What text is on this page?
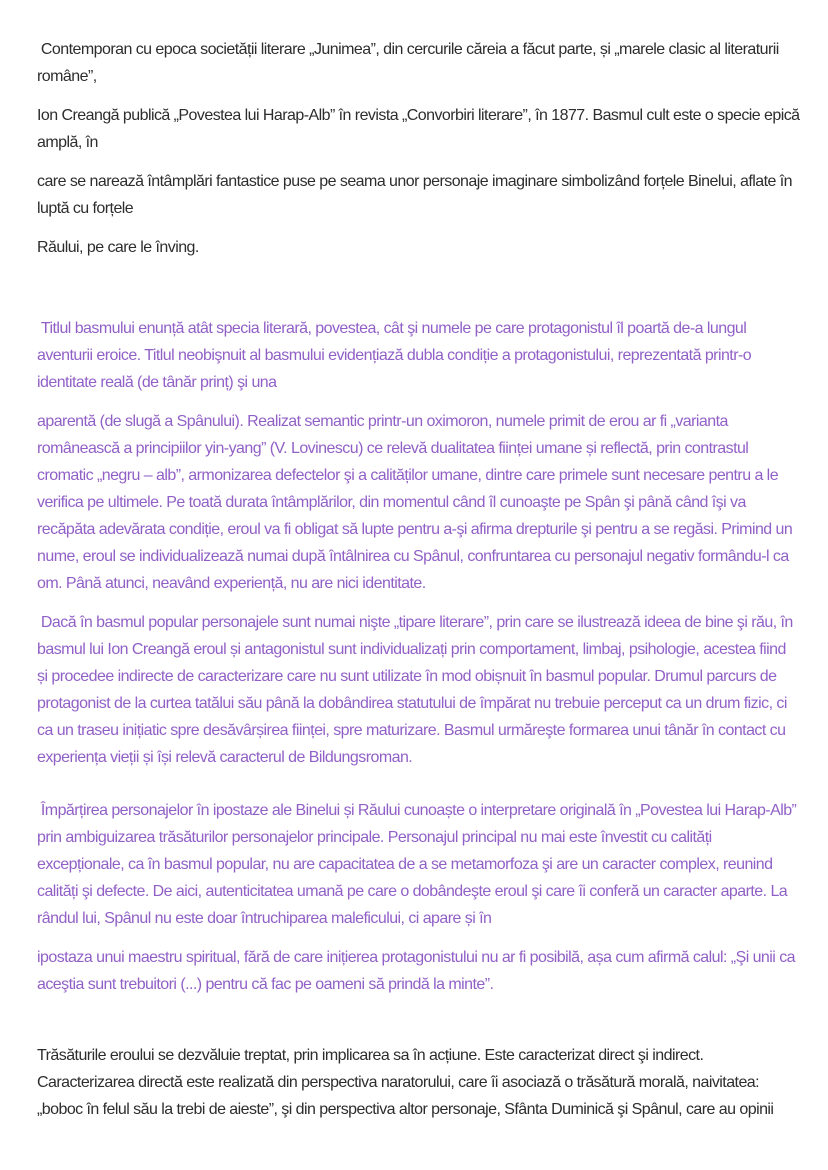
Contemporan cu epoca societății literare „Junimea”, din cercurile căreia a făcut parte, și „marele clasic al literaturii române”,

Ion Creangă publică „Povestea lui Harap-Alb” în revista „Convorbiri literare”, în 1877. Basmul cult este o specie epică amplă, în

care se narează întâmplări fantastice puse pe seama unor personaje imaginare simbolizând forțele Binelui, aflate în luptă cu forțele

Răului, pe care le înving.

Titlul basmului enunță atât specia literară, povestea, cât şi numele pe care protagonistul îl poartă de-a lungul aventurii eroice. Titlul neobişnuit al basmului evidențiază dubla condiție a protagonistului, reprezentată printr-o identitate reală (de tânăr prinț) şi una

aparentă (de slugă a Spânului). Realizat semantic printr-un oximoron, numele primit de erou ar fi „varianta românească a principiilor yin-yang” (V. Lovinescu) ce relevă dualitatea ființei umane și reflectă, prin contrastul cromatic „negru – alb”, armonizarea defectelor şi a calităților umane, dintre care primele sunt necesare pentru a le verifica pe ultimele. Pe toată durata întâmplărilor, din momentul când îl cunoaşte pe Spân şi până când îşi va recăpăta adevărata condiție, eroul va fi obligat să lupte pentru a-şi afirma drepturile şi pentru a se regăsi. Primind un nume, eroul se individualizează numai după întâlnirea cu Spânul, confruntarea cu personajul negativ formându-l ca om. Până atunci, neavând experiență, nu are nici identitate.

Dacă în basmul popular personajele sunt numai nişte „tipare literare”, prin care se ilustrează ideea de bine şi rău, în basmul lui Ion Creangă eroul și antagonistul sunt individualizați prin comportament, limbaj, psihologie, acestea fiind și procedee indirecte de caracterizare care nu sunt utilizate în mod obișnuit în basmul popular. Drumul parcurs de protagonist de la curtea tatălui său până la dobândirea statutului de împărat nu trebuie perceput ca un drum fizic, ci ca un traseu inițiatic spre desăvârșirea ființei, spre maturizare. Basmul urmăreşte formarea unui tânăr în contact cu experiența vieții și își relevă caracterul de Bildungsroman.

Împărțirea personajelor în ipostaze ale Binelui și Răului cunoaște o interpretare originală în „Povestea lui Harap-Alb” prin ambiguizarea trăsăturilor personajelor principale. Personajul principal nu mai este învestit cu calități excepționale, ca în basmul popular, nu are capacitatea de a se metamorfoza şi are un caracter complex, reunind calități şi defecte. De aici, autenticitatea umană pe care o dobândeşte eroul şi care îi conferă un caracter aparte. La rândul lui, Spânul nu este doar întruchiparea maleficului, ci apare și în

ipostaza unui maestru spiritual, fără de care inițierea protagonistului nu ar fi posibilă, așa cum afirmă calul: „Şi unii ca aceştia sunt trebuitori (...) pentru că fac pe oameni să prindă la minte”.

Trăsăturile eroului se dezvăluie treptat, prin implicarea sa în acțiune. Este caracterizat direct şi indirect. Caracterizarea directă este realizată din perspectiva naratorului, care îi asociază o trăsătură morală, naivitatea: „boboc în felul său la trebi de aieste”, şi din perspectiva altor personaje, Sfânta Duminică şi Spânul, care au opinii
